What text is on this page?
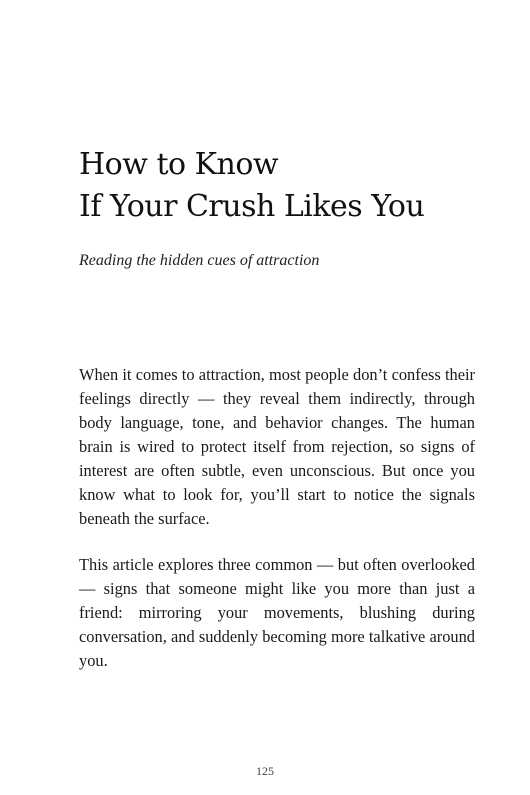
How to Know
If Your Crush Likes You

Reading the hidden cues of attraction

When it comes to attraction, most people don’t confess their feelings directly — they reveal them indirectly, through body language, tone, and behavior changes. The human brain is wired to protect itself from rejection, so signs of interest are often subtle, even unconscious. But once you know what to look for, you’ll start to notice the signals beneath the surface.

This article explores three common — but often overlooked — signs that someone might like you more than just a friend: mirroring your movements, blushing during conversation, and suddenly becoming more talkative around you.

125
